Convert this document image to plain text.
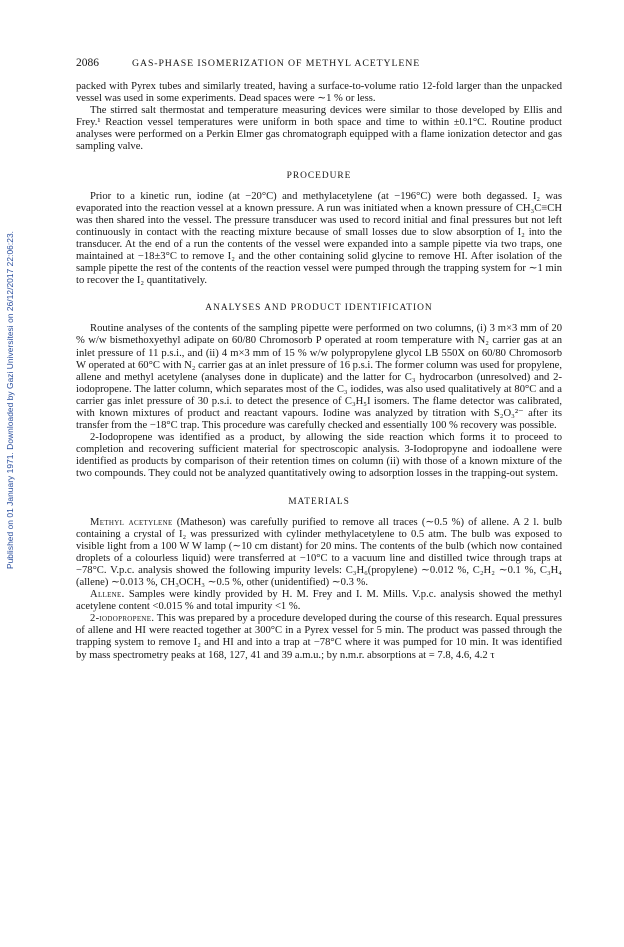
Published on 01 January 1971. Downloaded by Gazi Universitesi on 26/12/2017 22:06:23.
2086	GAS-PHASE ISOMERIZATION OF METHYL ACETYLENE

packed with Pyrex tubes and similarly treated, having a surface-to-volume ratio 12-fold larger than the unpacked vessel was used in some experiments. Dead spaces were ∼1 % or less.

The stirred salt thermostat and temperature measuring devices were similar to those developed by Ellis and Frey.¹ Reaction vessel temperatures were uniform in both space and time to within ±0.1°C. Routine product analyses were performed on a Perkin Elmer gas chromatograph equipped with a flame ionization detector and gas sampling valve.

PROCEDURE

Prior to a kinetic run, iodine (at −20°C) and methylacetylene (at −196°C) were both degassed. I₂ was evaporated into the reaction vessel at a known pressure. A run was initiated when a known pressure of CH₃C≡CH was then shared into the vessel. The pressure transducer was used to record initial and final pressures but not left continuously in contact with the reacting mixture because of small losses due to slow absorption of I₂ into the transducer. At the end of a run the contents of the vessel were expanded into a sample pipette via two traps, one maintained at −18±3°C to remove I₂ and the other containing solid glycine to remove HI. After isolation of the sample pipette the rest of the contents of the reaction vessel were pumped through the trapping system for ∼1 min to recover the I₂ quantitatively.

ANALYSES AND PRODUCT IDENTIFICATION

Routine analyses of the contents of the sampling pipette were performed on two columns, (i) 3 m×3 mm of 20 % w/w bismethoxyethyl adipate on 60/80 Chromosorb P operated at room temperature with N₂ carrier gas at an inlet pressure of 11 p.s.i., and (ii) 4 m×3 mm of 15 % w/w polypropylene glycol LB 550X on 60/80 Chromosorb W operated at 60°C with N₂ carrier gas at an inlet pressure of 16 p.s.i. The former column was used for propylene, allene and methyl acetylene (analyses done in duplicate) and the latter for C₃ hydrocarbon (unresolved) and 2-iodopropene. The latter column, which separates most of the C₃ iodides, was also used qualitatively at 80°C and a carrier gas inlet pressure of 30 p.s.i. to detect the presence of C₃H₅I isomers. The flame detector was calibrated, with known mixtures of product and reactant vapours. Iodine was analyzed by titration with S₂O₃²⁻ after its transfer from the −18°C trap. This procedure was carefully checked and essentially 100 % recovery was possible.

2-Iodopropene was identified as a product, by allowing the side reaction which forms it to proceed to completion and recovering sufficient material for spectroscopic analysis. 3-Iodopropyne and iodoallene were identified as products by comparison of their retention times on column (ii) with those of a known mixture of the two compounds. They could not be analyzed quantitatively owing to adsorption losses in the trapping-out system.

MATERIALS

Methyl acetylene (Matheson) was carefully purified to remove all traces (∼0.5 %) of allene. A 2 l. bulb containing a crystal of I₂ was pressurized with cylinder methylacetylene to 0.5 atm. The bulb was exposed to visible light from a 100 W W lamp (∼10 cm distant) for 20 mins. The contents of the bulb (which now contained droplets of a colourless liquid) were transferred at −10°C to a vacuum line and distilled twice through traps at −78°C. V.p.c. analysis showed the following impurity levels: C₃H₆(propylene) ∼0.012 %, C₂H₂ ∼0.1 %, C₃H₄ (allene) ∼0.013 %, CH₃OCH₃ ∼0.5 %, other (unidentified) ∼0.3 %.

Allene. Samples were kindly provided by H. M. Frey and I. M. Mills. V.p.c. analysis showed the methyl acetylene content <0.015 % and total impurity <1 %.

2-iodopropene. This was prepared by a procedure developed during the course of this research. Equal pressures of allene and HI were reacted together at 300°C in a Pyrex vessel for 5 min. The product was passed through the trapping system to remove I₂ and HI and into a trap at −78°C where it was pumped for 10 min. It was identified by mass spectrometry peaks at 168, 127, 41 and 39 a.m.u.; by n.m.r. absorptions at = 7.8, 4.6, 4.2 τ
